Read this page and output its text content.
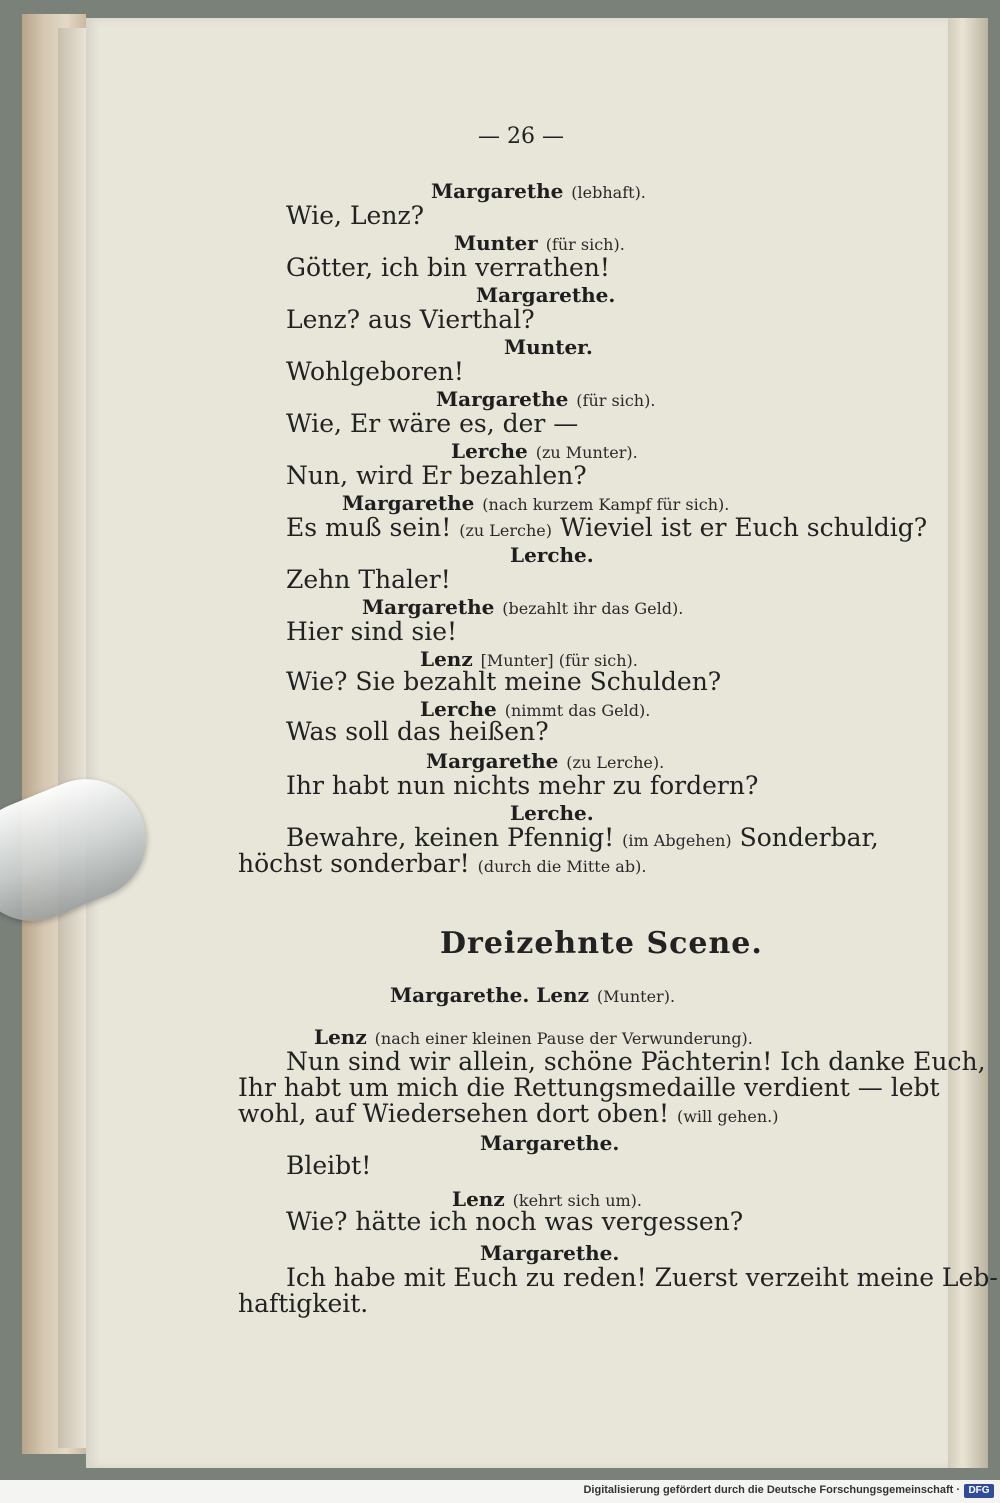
— 26 —
Margarethe (lebhaft).
Wie, Lenz?
Munter (für sich).
Götter, ich bin verrathen!
Margarethe.
Lenz? aus Vierthal?
Munter.
Wohlgeboren!
Margarethe (für sich).
Wie, Er wäre es, der —
Lerche (zu Munter).
Nun, wird Er bezahlen?
Margarethe (nach kurzem Kampf für sich).
Es muß sein! (zu Lerche) Wieviel ist er Euch schuldig?
Lerche.
Zehn Thaler!
Margarethe (bezahlt ihr das Geld).
Hier sind sie!
Lenz [Munter] (für sich).
Wie? Sie bezahlt meine Schulden?
Lerche (nimmt das Geld).
Was soll das heißen?
Margarethe (zu Lerche).
Ihr habt nun nichts mehr zu fordern?
Lerche.
Bewahre, keinen Pfennig! (im Abgehen) Sonderbar,
höchst sonderbar! (durch die Mitte ab).
Dreizehnte Scene.
Margarethe. Lenz (Munter).
Lenz (nach einer kleinen Pause der Verwunderung).
Nun sind wir allein, schöne Pächterin! Ich danke Euch,
Ihr habt um mich die Rettungsmedaille verdient — lebt
wohl, auf Wiedersehen dort oben! (will gehen.)
Margarethe.
Bleibt!
Lenz (kehrt sich um).
Wie? hätte ich noch was vergessen?
Margarethe.
Ich habe mit Euch zu reden! Zuerst verzeiht meine Leb-
haftigkeit.
Digitalisierung gefördert durch die Deutsche Forschungsgemeinschaft · DFG
